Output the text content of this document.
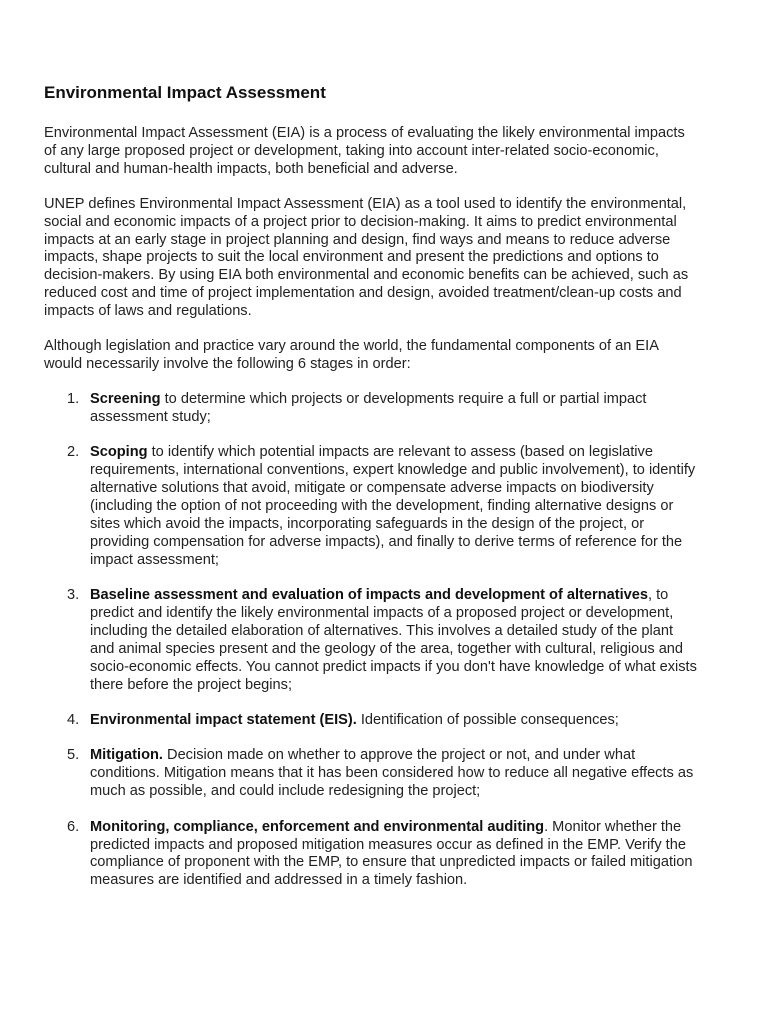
Environmental Impact Assessment

Environmental Impact Assessment (EIA) is a process of evaluating the likely environmental impacts of any large proposed project or development, taking into account inter-related socio-economic, cultural and human-health impacts, both beneficial and adverse.

UNEP defines Environmental Impact Assessment (EIA) as a tool used to identify the environmental, social and economic impacts of a project prior to decision-making. It aims to predict environmental impacts at an early stage in project planning and design, find ways and means to reduce adverse impacts, shape projects to suit the local environment and present the predictions and options to decision-makers. By using EIA both environmental and economic benefits can be achieved, such as reduced cost and time of project implementation and design, avoided treatment/clean-up costs and impacts of laws and regulations.

Although legislation and practice vary around the world, the fundamental components of an EIA would necessarily involve the following 6 stages in order:

1. Screening to determine which projects or developments require a full or partial impact assessment study;
2. Scoping to identify which potential impacts are relevant to assess (based on legislative requirements, international conventions, expert knowledge and public involvement), to identify alternative solutions that avoid, mitigate or compensate adverse impacts on biodiversity (including the option of not proceeding with the development, finding alternative designs or sites which avoid the impacts, incorporating safeguards in the design of the project, or providing compensation for adverse impacts), and finally to derive terms of reference for the impact assessment;
3. Baseline assessment and evaluation of impacts and development of alternatives, to predict and identify the likely environmental impacts of a proposed project or development, including the detailed elaboration of alternatives. This involves a detailed study of the plant and animal species present and the geology of the area, together with cultural, religious and socio-economic effects. You cannot predict impacts if you don't have knowledge of what exists there before the project begins;
4. Environmental impact statement (EIS). Identification of possible consequences;
5. Mitigation. Decision made on whether to approve the project or not, and under what conditions. Mitigation means that it has been considered how to reduce all negative effects as much as possible, and could include redesigning the project;
6. Monitoring, compliance, enforcement and environmental auditing. Monitor whether the predicted impacts and proposed mitigation measures occur as defined in the EMP. Verify the compliance of proponent with the EMP, to ensure that unpredicted impacts or failed mitigation measures are identified and addressed in a timely fashion.
